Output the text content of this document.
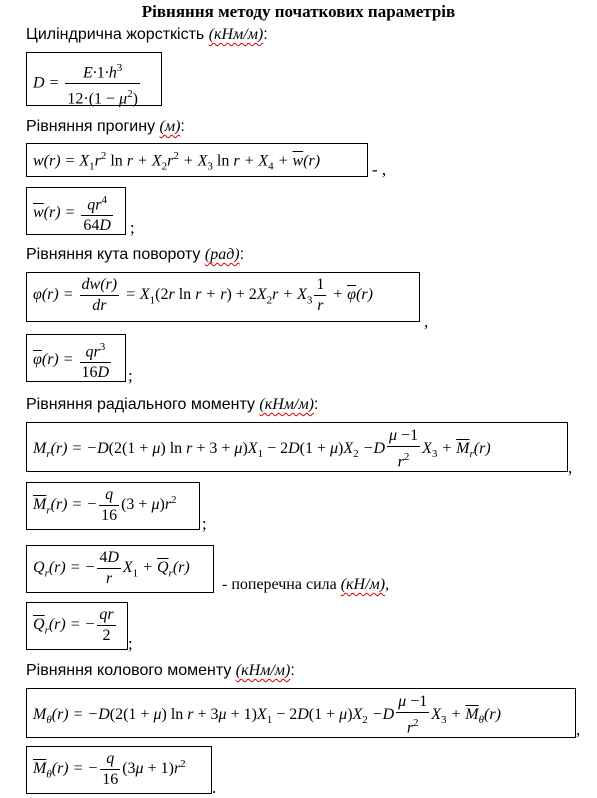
Рівняння методу початкових параметрів
Циліндрична жорсткість (кНм/м):
$D = \frac{E\cdot 1\cdot h^3}{12\cdot(1 - \mu^2)}$
Рівняння прогину (м):
$w(r) = X_1r^2$ $\ln r + X_2r^2 + X_3$ $\ln r + X_4 + \overline{w}(r)$	- ,
$\overline{w}(r) = \frac{qr^4}{64D}$ ;
Рівняння кута повороту (рад):
$\varphi(r) = \frac{dw(r)}{dr} = X_1(2r$ $\ln r + r) + 2X_2r + X_3 \frac{1}{r} + \overline{\varphi}(r)$
,
$\overline{\varphi}(r) = \frac{qr^3}{16D}$ ;
Рівняння радіального моменту (кНм/м):
$M_r(r) = -D(2(1 + \mu)$ $\ln r + 3 + \mu)X_1 - 2D(1 + \mu)X_2 -D \frac{\mu -1}{r^2} X_3 + \overline{M}_r(r)$
,
$\overline{M}_r(r)$ = − $\frac{q}{16} (3 + \mu)r^2$
;
$Q_r(r)$ = − $\frac{4D}{r} X_1 + \overline{Q}_r(r)$
- поперечна сила (кН/м),
$\overline{Q}_r(r)$ = − $\frac{qr}{2}$ ;
Рівняння колового моменту (кНм/м):
$M_\theta(r) = -D(2(1 + \mu)$ $\ln r + 3\mu + 1)X_1 - 2D(1 + \mu)X_2 -D \frac{\mu -1}{r^2} X_3 + \overline{M}_\theta(r)$
,
$\overline{M}_\theta(r)$ = − $\frac{q}{16} (3\mu + 1)r^2$
.
